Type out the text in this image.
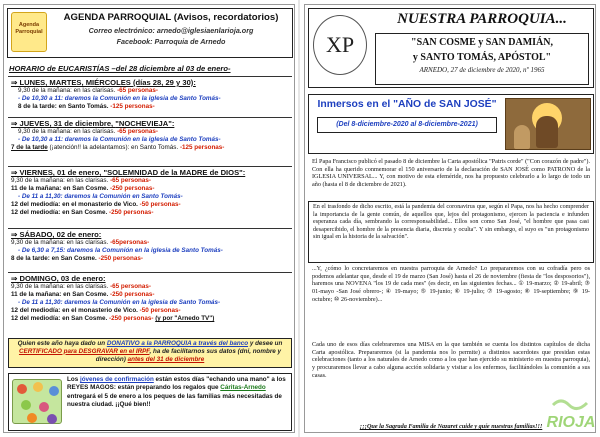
Agenda
Parroquial
AGENDA PARROQUIAL (Avisos, recordatorios)
Correo electrónico: arnedo@iglesiaenlarioja.org
Facebook: Parroquia de Arnedo
HORARIO de EUCARISTÍAS –del 28 diciembre al 03 de enero-
⇒ LUNES, MARTES, MIÉRCOLES (días 28, 29 y 30):
9,30 de la mañana: en las clarisas. -65 personas-
- De 10,30 a 11: daremos la Comunión en la iglesia de Santo Tomás-
8 de la tarde: en Santo Tomás. -125 personas-
⇒ JUEVES, 31 de diciembre, "NOCHEVIEJA":
9,30 de la mañana: en las clarisas. -65 personas-
- De 10,30 a 11: daremos la Comunión en la iglesia de Santo Tomás-
7 de la tarde (¡atención!! la adelantamos): en Santo Tomás. -125 personas-
⇒ VIERNES, 01 de enero, "SOLEMNIDAD de la MADRE de DIOS":
9,30 de la mañana: en las clarisas. -65 personas-
11 de la mañana: en San Cosme. -250 personas-
- De 11 a 11,30: daremos la Comunión en Santo Tomás-
12 del mediodía: en el monasterio de Vico. -50 personas-
12 del mediodía: en San Cosme. -250 personas-
⇒ SÁBADO, 02 de enero:
9,30 de la mañana: en las clarisas. -65personas-
- De 6,30 a 7,15: daremos la Comunión en la iglesia de Santo Tomás-
8 de la tarde: en San Cosme. -250 personas-
⇒ DOMINGO, 03 de enero:
9,30 de la mañana: en las clarisas. -65 personas-
11 de la mañana: en San Cosme. -250 personas-
- De 11 a 11,30: daremos la Comunión en la iglesia de Santo Tomás-
12 del mediodía: en el monasterio de Vico. -50 personas-
12 del mediodía: en San Cosme. -250 personas- (y por "Arnedo TV")
Quien este año haya dado un DONATIVO a la PARROQUIA a través del banco y desee un CERTIFICADO para DESGRAVAR en el IRPF, ha de facilitarnos sus datos (dni, nombre y dirección) antes del 31 de diciembre
Los jóvenes de confirmación están estos días "echando una mano" a los REYES MAGOS: están preparando los regalos que Cáritas-Arnedo entregará el 5 de enero a los peques de las familias más necesitadas de nuestra ciudad. ¡¡Qué bien!!
XP
NUESTRA PARROQUIA...
"SAN COSME y SAN DAMIÁN,
y SANTO TOMÁS, APÓSTOL"
ARNEDO, 27 de diciembre de 2020, nº 1965
Inmersos en el "AÑO de SAN JOSÉ"
(Del 8-diciembre-2020 al 8-diciembre-2021)
El Papa Francisco publicó el pasado 8 de diciembre la Carta apostólica "Patris corde" ("Con corazón de padre"). Con ella ha querido conmemorar el 150 aniversario de la declaración de SAN JOSÉ como PATRONO de la IGLESIA UNIVERSAL... Y, con motivo de esta efeméride, nos ha propuesto celebrarlo a lo largo de todo un año (hasta el 8 de diciembre de 2021).
En el trasfondo de dicho escrito, está la pandemia del coronavirus que, según el Papa, nos ha hecho comprender la importancia de la gente común, de aquellos que, lejos del protagonismo, ejercen la paciencia e infunden esperanza cada día, sembrando la corresponsabilidad... Ellos son como San José, "el hombre que pasa casi desapercibido, el hombre de la presencia diaria, discreta y oculta". Y sin embargo, el suyo es "un protagonismo sin igual en la historia de la salvación".
...Y, ¿cómo lo concretaremos en nuestra parroquia de Arnedo? Lo prepararemos con su cofradía pero os podemos adelantar que, desde el 19 de marzo (San José) hasta el 26 de noviembre (fiesta de "los desposorios"), haremos una NOVENA "los 19 de cada mes" (es decir, en las siguientes fechas... ① 19-marzo; ② 19-abril; ③ 01-mayo -San José obrero-; ④ 19-mayo; ⑤ 19-junio; ⑥ 19-julio; ⑦ 19-agosto; ⑧ 19-septiembre; ⑨ 19-octubre; ⑩ 26-noviembre)...
Cada uno de esos días celebraremos una MISA en la que también se cuenta los distintos capítulos de dicha Carta apostólica. Prepararemos (si la pandemia nos lo permite) a distintos sacerdotes que presidan estas celebraciones (tanto a los naturales de Arnedo como a los que han ejercido su ministerio en nuestra parroquia), y procuraremos llevar a cabo alguna acción solidaria y visitar a los enfermos, facilitándoles la comunión a sus casas.
¡¡¡Que la Sagrada Familia de Nazaret cuide y guíe nuestras familias!!! RIOJA
